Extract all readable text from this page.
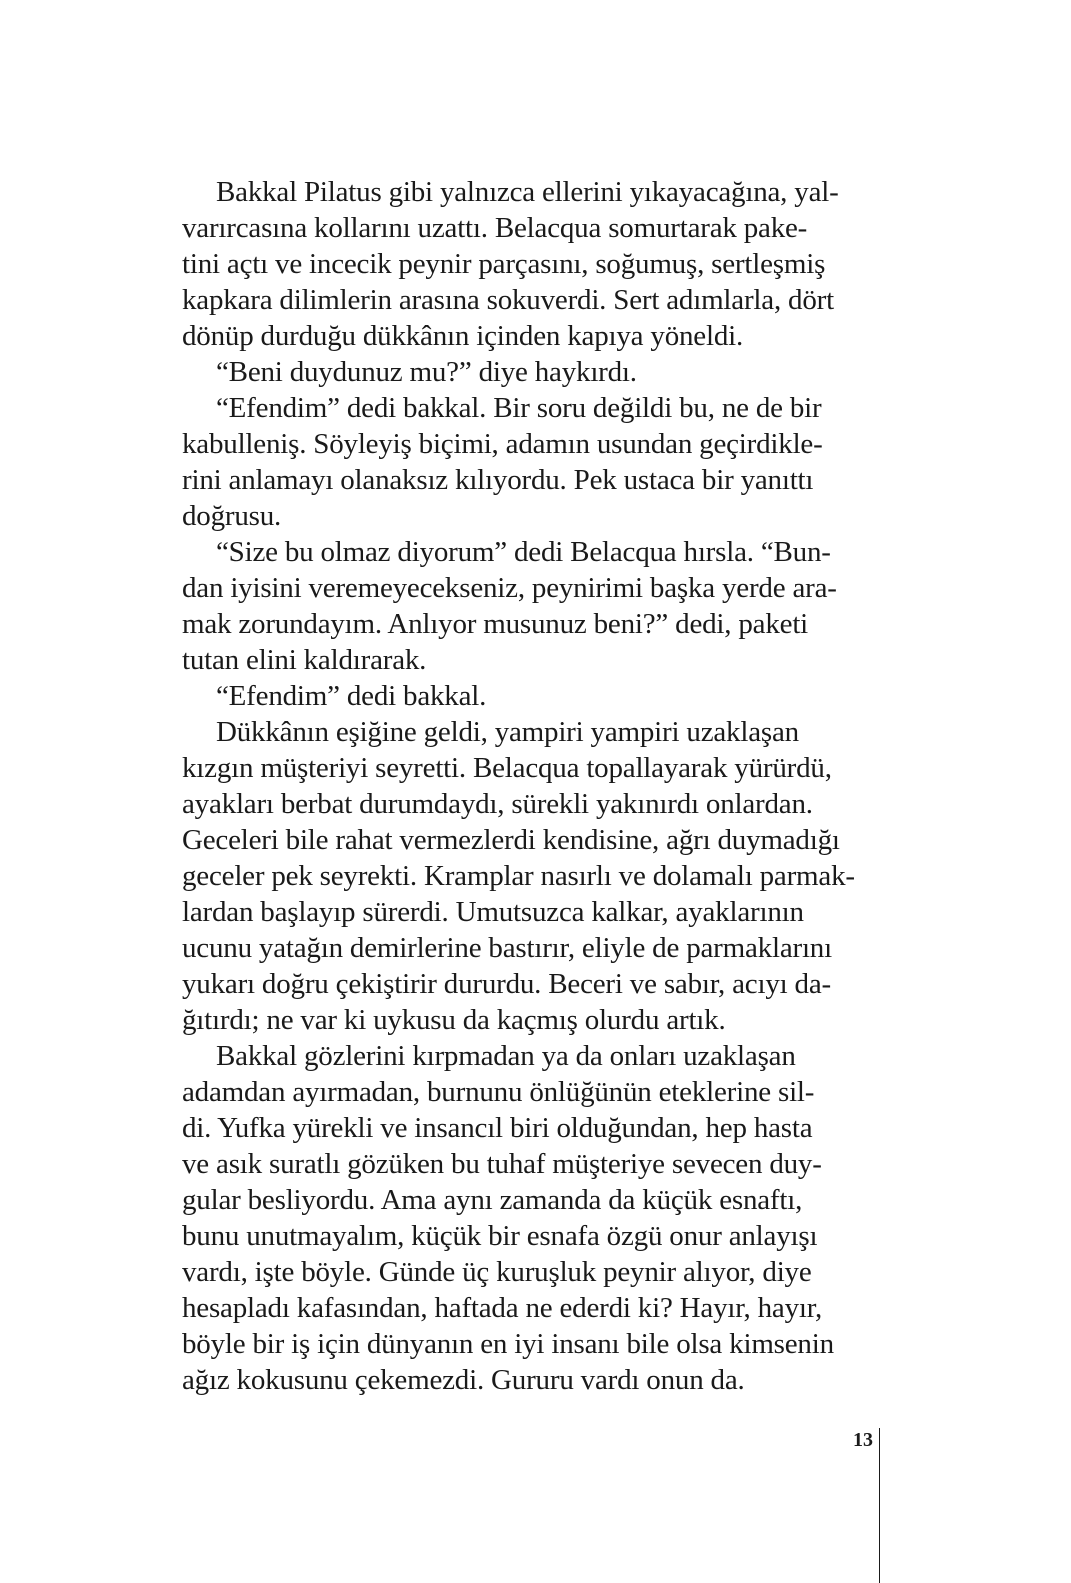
Bakkal Pilatus gibi yalnızca ellerini yıkayacağına, yal-
varırcasına kollarını uzattı. Belacqua somurtarak pake-
tini açtı ve incecik peynir parçasını, soğumuş, sertleşmiş
kapkara dilimlerin arasına sokuverdi. Sert adımlarla, dört
dönüp durduğu dükkânın içinden kapıya yöneldi.
“Beni duydunuz mu?” diye haykırdı.
“Efendim” dedi bakkal. Bir soru değildi bu, ne de bir
kabulleniş. Söyleyiş biçimi, adamın usundan geçirdikle-
rini anlamayı olanaksız kılıyordu. Pek ustaca bir yanıttı
doğrusu.
“Size bu olmaz diyorum” dedi Belacqua hırsla. “Bun-
dan iyisini veremeyecekseniz, peynirimi başka yerde ara-
mak zorundayım. Anlıyor musunuz beni?” dedi, paketi
tutan elini kaldırarak.
“Efendim” dedi bakkal.
Dükkânın eşiğine geldi, yampiri yampiri uzaklaşan
kızgın müşteriyi seyretti. Belacqua topallayarak yürürdü,
ayakları berbat durumdaydı, sürekli yakınırdı onlardan.
Geceleri bile rahat vermezlerdi kendisine, ağrı duymadığı
geceler pek seyrekti. Kramplar nasırlı ve dolamalı parmak-
lardan başlayıp sürerdi. Umutsuzca kalkar, ayaklarının
ucunu yatağın demirlerine bastırır, eliyle de parmaklarını
yukarı doğru çekiştirir dururdu. Beceri ve sabır, acıyı da-
ğıtırdı; ne var ki uykusu da kaçmış olurdu artık.
Bakkal gözlerini kırpmadan ya da onları uzaklaşan
adamdan ayırmadan, burnunu önlüğünün eteklerine sil-
di. Yufka yürekli ve insancıl biri olduğundan, hep hasta
ve asık suratlı gözüken bu tuhaf müşteriye sevecen duy-
gular besliyordu. Ama aynı zamanda da küçük esnaftı,
bunu unutmayalım, küçük bir esnafa özgü onur anlayışı
vardı, işte böyle. Günde üç kuruşluk peynir alıyor, diye
hesapladı kafasından, haftada ne ederdi ki? Hayır, hayır,
böyle bir iş için dünyanın en iyi insanı bile olsa kimsenin
ağız kokusunu çekemezdi. Gururu vardı onun da.
13
